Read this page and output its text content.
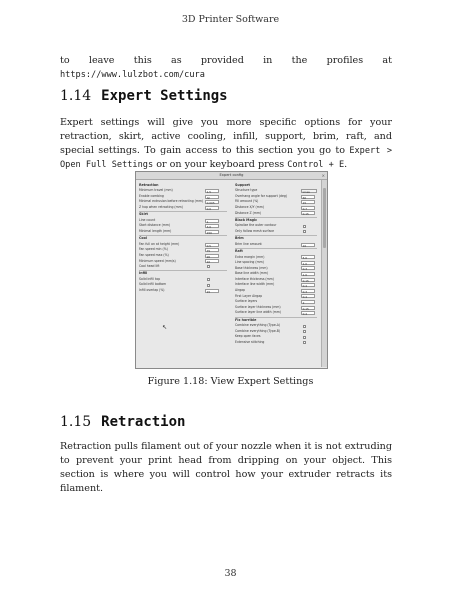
3D Printer Software
to leave this as provided in the profiles at https://www.lulzbot.com/cura
1.14 Expert Settings
Expert settings will give you more specific options for your retraction, skirt, active cooling, infill, support, brim, raft, and special settings. To gain access to this section you go to Expert > Open Full Settings or on your keyboard press Control + E.
Expert config	×
Retraction
Minimum travel (mm)	1.5
Enable combing	All
Minimal extrusion before retracting (mm)	0.005
Z hop when retracting (mm)	0.0
Skirt
Line count	1
Start distance (mm)	3.0
Minimal length (mm)	150
Cool
Fan full on at height (mm)	0.5
Fan speed min (%)	75
Fan speed max (%)	90
Minimum speed (mm/s)	10
Cool head lift
Infill
Solid infill top
Solid infill bottom
Infill overlap (%)	15
Support
Structure type	Lines
Overhang angle for support (deg)	60
Fill amount (%)	15
Distance X/Y (mm)	0.7
Distance Z (mm)	0.15
Black Magic
Spiralize the outer contour
Only follow mesh surface
Brim
Brim line amount	10
Raft
Extra margin (mm)	5.0
Line spacing (mm)	1.0
Base thickness (mm)	0.3
Base line width (mm)	1.0
Interface thickness (mm)	0.15
Interface line width (mm)	0.4
Airgap	0.3
First Layer Airgap	0.4
Surface layers	2
Surface layer thickness (mm)	0.15
Surface layer line width (mm)	0.4
Fix horrible
Combine everything (Type-A)
Combine everything (Type-B)
Keep open faces
Extensive stitching
↖
Figure 1.18: View Expert Settings
1.15 Retraction
Retraction pulls filament out of your nozzle when it is not extruding to prevent your print head from dripping on your object. This section is where you will control how your extruder retracts its filament.
38
